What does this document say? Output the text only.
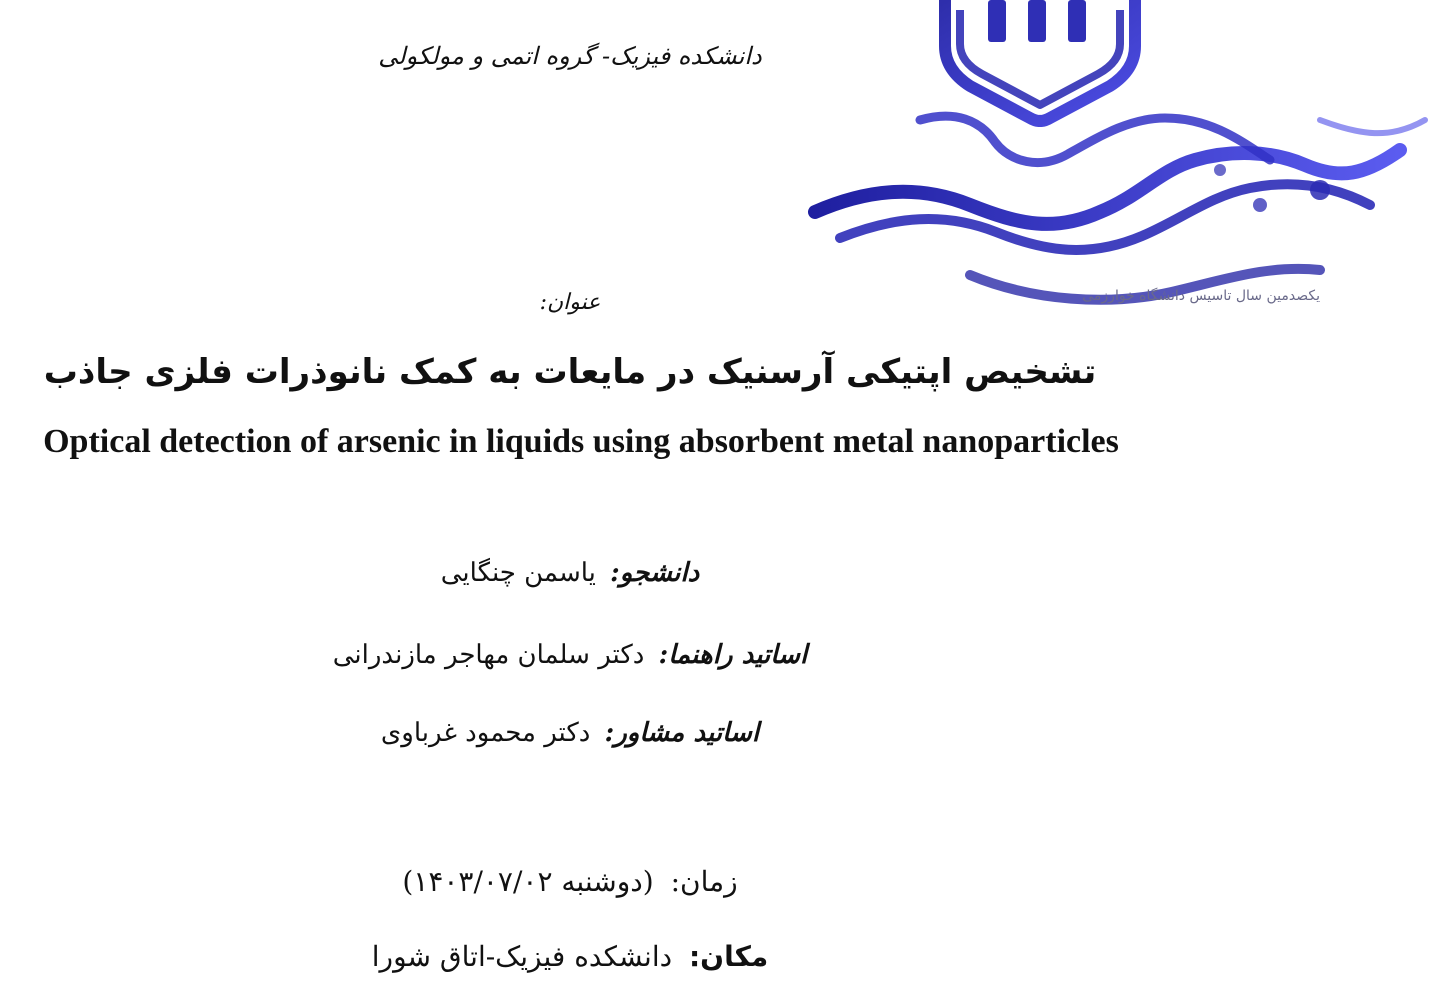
دانشکده فیزیک- گروه اتمی و مولکولی
یکصدمین سال تاسیس دانشگاه خوارزمی
عنوان:
تشخیص اپتیکی آرسنیک در مایعات به کمک نانوذرات فلزی جاذب
Optical detection of arsenic in liquids using absorbent metal nanoparticles
دانشجو: یاسمن چنگایی
اساتید راهنما: دکتر سلمان مهاجر مازندرانی
اساتید مشاور: دکتر محمود غرباوی
زمان: (دوشنبه ۱۴۰۳/۰۷/۰۲)
مکان: دانشکده فیزیک-اتاق شورا
